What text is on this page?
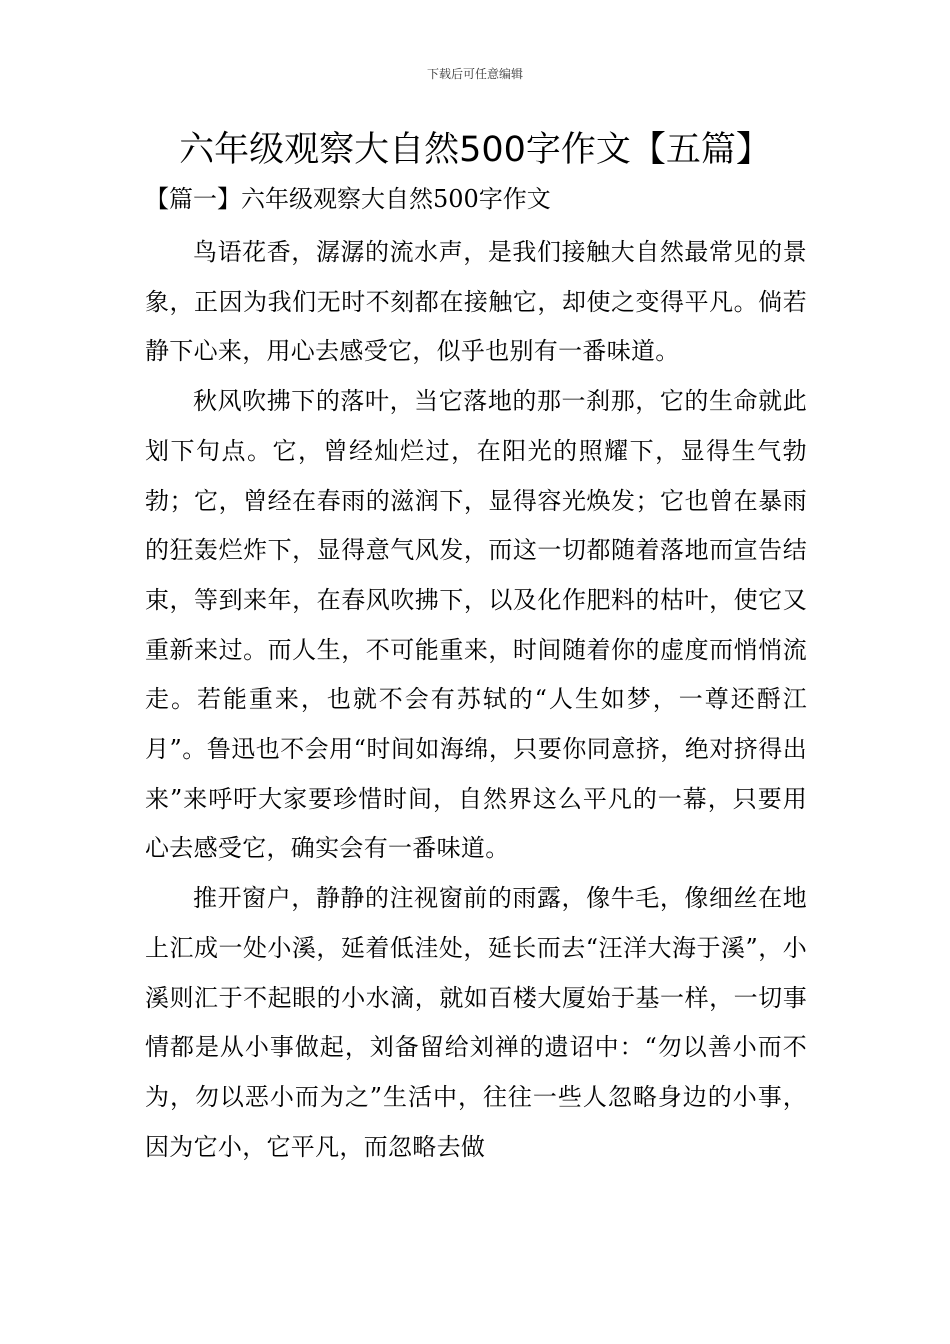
下载后可任意编辑
六年级观察大自然500字作文【五篇】
【篇一】六年级观察大自然500字作文

鸟语花香，潺潺的流水声，是我们接触大自然最常见的景象，正因为我们无时不刻都在接触它，却使之变得平凡。倘若静下心来，用心去感受它，似乎也别有一番味道。

秋风吹拂下的落叶，当它落地的那一刹那，它的生命就此划下句点。它，曾经灿烂过，在阳光的照耀下，显得生气勃勃；它，曾经在春雨的滋润下，显得容光焕发；它也曾在暴雨的狂轰烂炸下，显得意气风发，而这一切都随着落地而宣告结束，等到来年，在春风吹拂下，以及化作肥料的枯叶，使它又重新来过。而人生，不可能重来，时间随着你的虚度而悄悄流走。若能重来，也就不会有苏轼的“人生如梦，一尊还酹江月”。鲁迅也不会用“时间如海绵，只要你同意挤，绝对挤得出来”来呼吁大家要珍惜时间，自然界这么平凡的一幕，只要用心去感受它，确实会有一番味道。

推开窗户，静静的注视窗前的雨露，像牛毛，像细丝在地上汇成一处小溪，延着低洼处，延长而去“汪洋大海于溪”，小溪则汇于不起眼的小水滴，就如百楼大厦始于基一样，一切事情都是从小事做起，刘备留给刘禅的遗诏中：“勿以善小而不为，勿以恶小而为之”生活中，往往一些人忽略身边的小事，因为它小，它平凡，而忽略去做
